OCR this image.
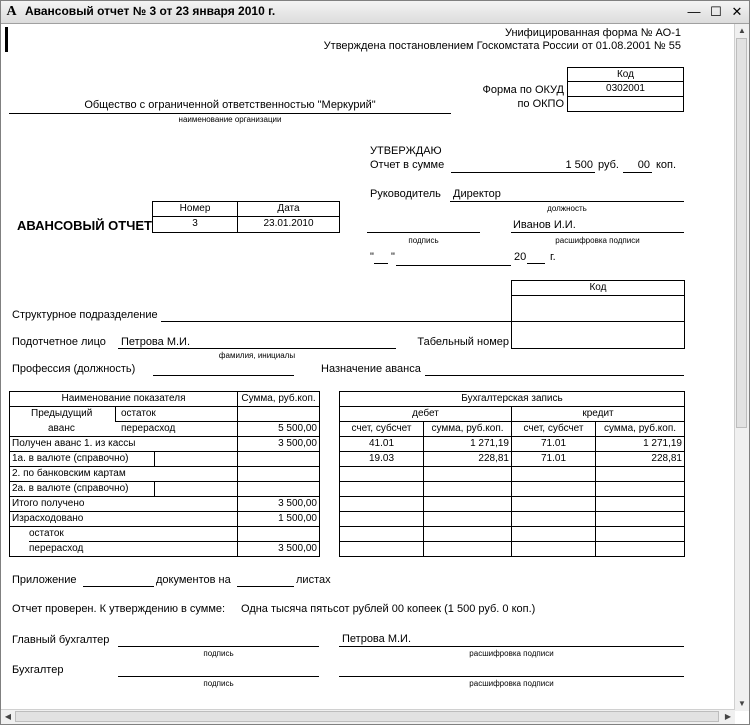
A Авансовый отчет № 3 от 23 января 2010 г.	— ☐ ✕
Унифицированная форма № АО-1
Утверждена постановлением Госкомстата России от 01.08.2001 № 55
Код
0302001
Форма по ОКУД
по ОКПО
Общество с ограниченной ответственностью "Меркурий"
наименование организации
УТВЕРЖДАЮ
Отчет в сумме	1 500 руб.	00 коп.
Руководитель Директор
должность
подпись
Иванов И.И.
расшифровка подписи
" "	20 г.
АВАНСОВЫЙ ОТЧЕТ
Номер	Дата
3	23.01.2010
Код
Структурное подразделение
Подотчетное лицо Петрова М.И.
фамилия, инициалы
Табельный номер
Профессия (должность)	Назначение аванса
Наименование показателя	Сумма, руб.коп.
Предыдущий
аванс
остаток
перерасход	5 500,00
Получен аванс 1. из кассы	3 500,00
1а. в валюте (справочно)
2. по банковским картам
2а. в валюте (справочно)
Итого получено	3 500,00
Израсходовано	1 500,00
остаток
перерасход	3 500,00
Бухгалтерская запись
дебет	кредит
счет, субсчет	сумма, руб.коп.	счет, субсчет	сумма, руб.коп.
41.01	1 271,19	71.01	1 271,19
19.03	228,81	71.01	228,81
Приложение	документов на	листах
Отчет проверен. К утверждению в сумме: Одна тысяча пятьсот рублей 00 копеек (1 500 руб. 0 коп.)
Главный бухгалтер
подпись
Петрова М.И.
расшифровка подписи
Бухгалтер
подпись	расшифровка подписи
▲
▼
◀	▶
